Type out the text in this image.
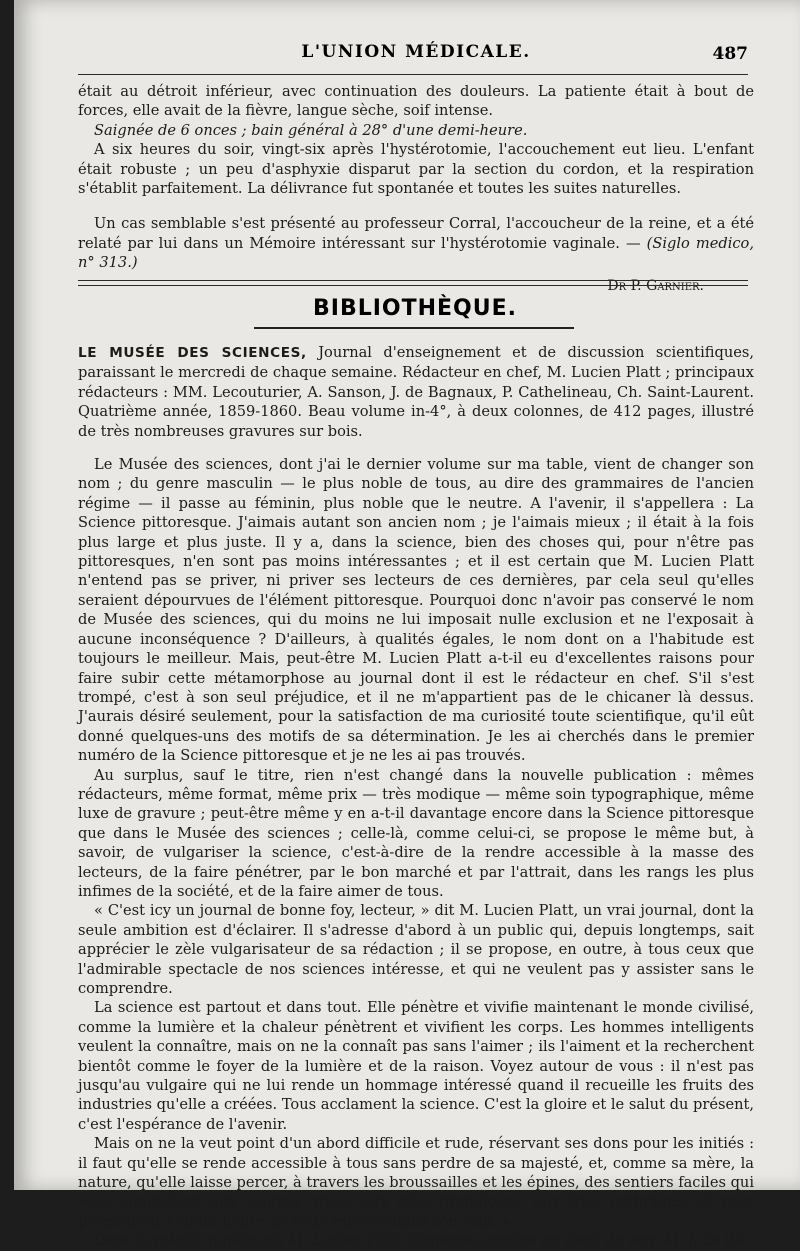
L'UNION MÉDICALE.	487

était au détroit inférieur, avec continuation des douleurs. La patiente était à bout de forces, elle avait de la fièvre, langue sèche, soif intense.

Saignée de 6 onces ; bain général à 28° d'une demi-heure.

A six heures du soir, vingt-six après l'hystérotomie, l'accouchement eut lieu. L'enfant était robuste ; un peu d'asphyxie disparut par la section du cordon, et la respiration s'établit parfaitement. La délivrance fut spontanée et toutes les suites naturelles.

Un cas semblable s'est présenté au professeur Corral, l'accoucheur de la reine, et a été relaté par lui dans un Mémoire intéressant sur l'hystérotomie vaginale. — (Siglo medico, n° 313.)

Dr P. Garnier.
BIBLIOTHÈQUE.

LE MUSÉE DES SCIENCES, Journal d'enseignement et de discussion scientifiques, paraissant le mercredi de chaque semaine. Rédacteur en chef, M. Lucien Platt ; principaux rédacteurs : MM. Lecouturier, A. Sanson, J. de Bagnaux, P. Cathelineau, Ch. Saint-Laurent. Quatrième année, 1859-1860. Beau volume in-4°, à deux colonnes, de 412 pages, illustré de très nombreuses gravures sur bois.

Le Musée des sciences, dont j'ai le dernier volume sur ma table, vient de changer son nom ; du genre masculin — le plus noble de tous, au dire des grammaires de l'ancien régime — il passe au féminin, plus noble que le neutre. A l'avenir, il s'appellera : La Science pittoresque. J'aimais autant son ancien nom ; je l'aimais mieux ; il était à la fois plus large et plus juste. Il y a, dans la science, bien des choses qui, pour n'être pas pittoresques, n'en sont pas moins intéressantes ; et il est certain que M. Lucien Platt n'entend pas se priver, ni priver ses lecteurs de ces dernières, par cela seul qu'elles seraient dépourvues de l'élément pittoresque. Pourquoi donc n'avoir pas conservé le nom de Musée des sciences, qui du moins ne lui imposait nulle exclusion et ne l'exposait à aucune inconséquence ? D'ailleurs, à qualités égales, le nom dont on a l'habitude est toujours le meilleur. Mais, peut-être M. Lucien Platt a-t-il eu d'excellentes raisons pour faire subir cette métamorphose au journal dont il est le rédacteur en chef. S'il s'est trompé, c'est à son seul préjudice, et il ne m'appartient pas de le chicaner là dessus. J'aurais désiré seulement, pour la satisfaction de ma curiosité toute scientifique, qu'il eût donné quelques-uns des motifs de sa détermination. Je les ai cherchés dans le premier numéro de la Science pittoresque et je ne les ai pas trouvés.

Au surplus, sauf le titre, rien n'est changé dans la nouvelle publication : mêmes rédacteurs, même format, même prix — très modique — même soin typographique, même luxe de gravure ; peut-être même y en a-t-il davantage encore dans la Science pittoresque que dans le Musée des sciences ; celle-là, comme celui-ci, se propose le même but, à savoir, de vulgariser la science, c'est-à-dire de la rendre accessible à la masse des lecteurs, de la faire pénétrer, par le bon marché et par l'attrait, dans les rangs les plus infimes de la société, et de la faire aimer de tous.

« C'est icy un journal de bonne foy, lecteur, » dit M. Lucien Platt, un vrai journal, dont la seule ambition est d'éclairer. Il s'adresse d'abord à un public qui, depuis longtemps, sait apprécier le zèle vulgarisateur de sa rédaction ; il se propose, en outre, à tous ceux que l'admirable spectacle de nos sciences intéresse, et qui ne veulent pas y assister sans le comprendre.

La science est partout et dans tout. Elle pénètre et vivifie maintenant le monde civilisé, comme la lumière et la chaleur pénètrent et vivifient les corps. Les hommes intelligents veulent la connaître, mais on ne la connaît pas sans l'aimer ; ils l'aiment et la recherchent bientôt comme le foyer de la lumière et de la raison. Voyez autour de vous : il n'est pas jusqu'au vulgaire qui ne lui rende un hommage intéressé quand il recueille les fruits des industries qu'elle a créées. Tous acclament la science. C'est la gloire et le salut du présent, c'est l'espérance de l'avenir.

Mais on ne la veut point d'un abord difficile et rude, réservant ses dons pour les initiés : il faut qu'elle se rende accessible à tous sans perdre de sa majesté, et, comme sa mère, la nature, qu'elle laisse percer, à travers les broussailles et les épines, des sentiers faciles qui vous conduisent aux sources vives, aux sites grandioses, aux frais ombrages, et vous permettent à toute heure de vous reposer dans son sein. »

Dans le même numéro où M. Lucien Platt s'exprime comme on vient de voir, M. J. de Ba-
